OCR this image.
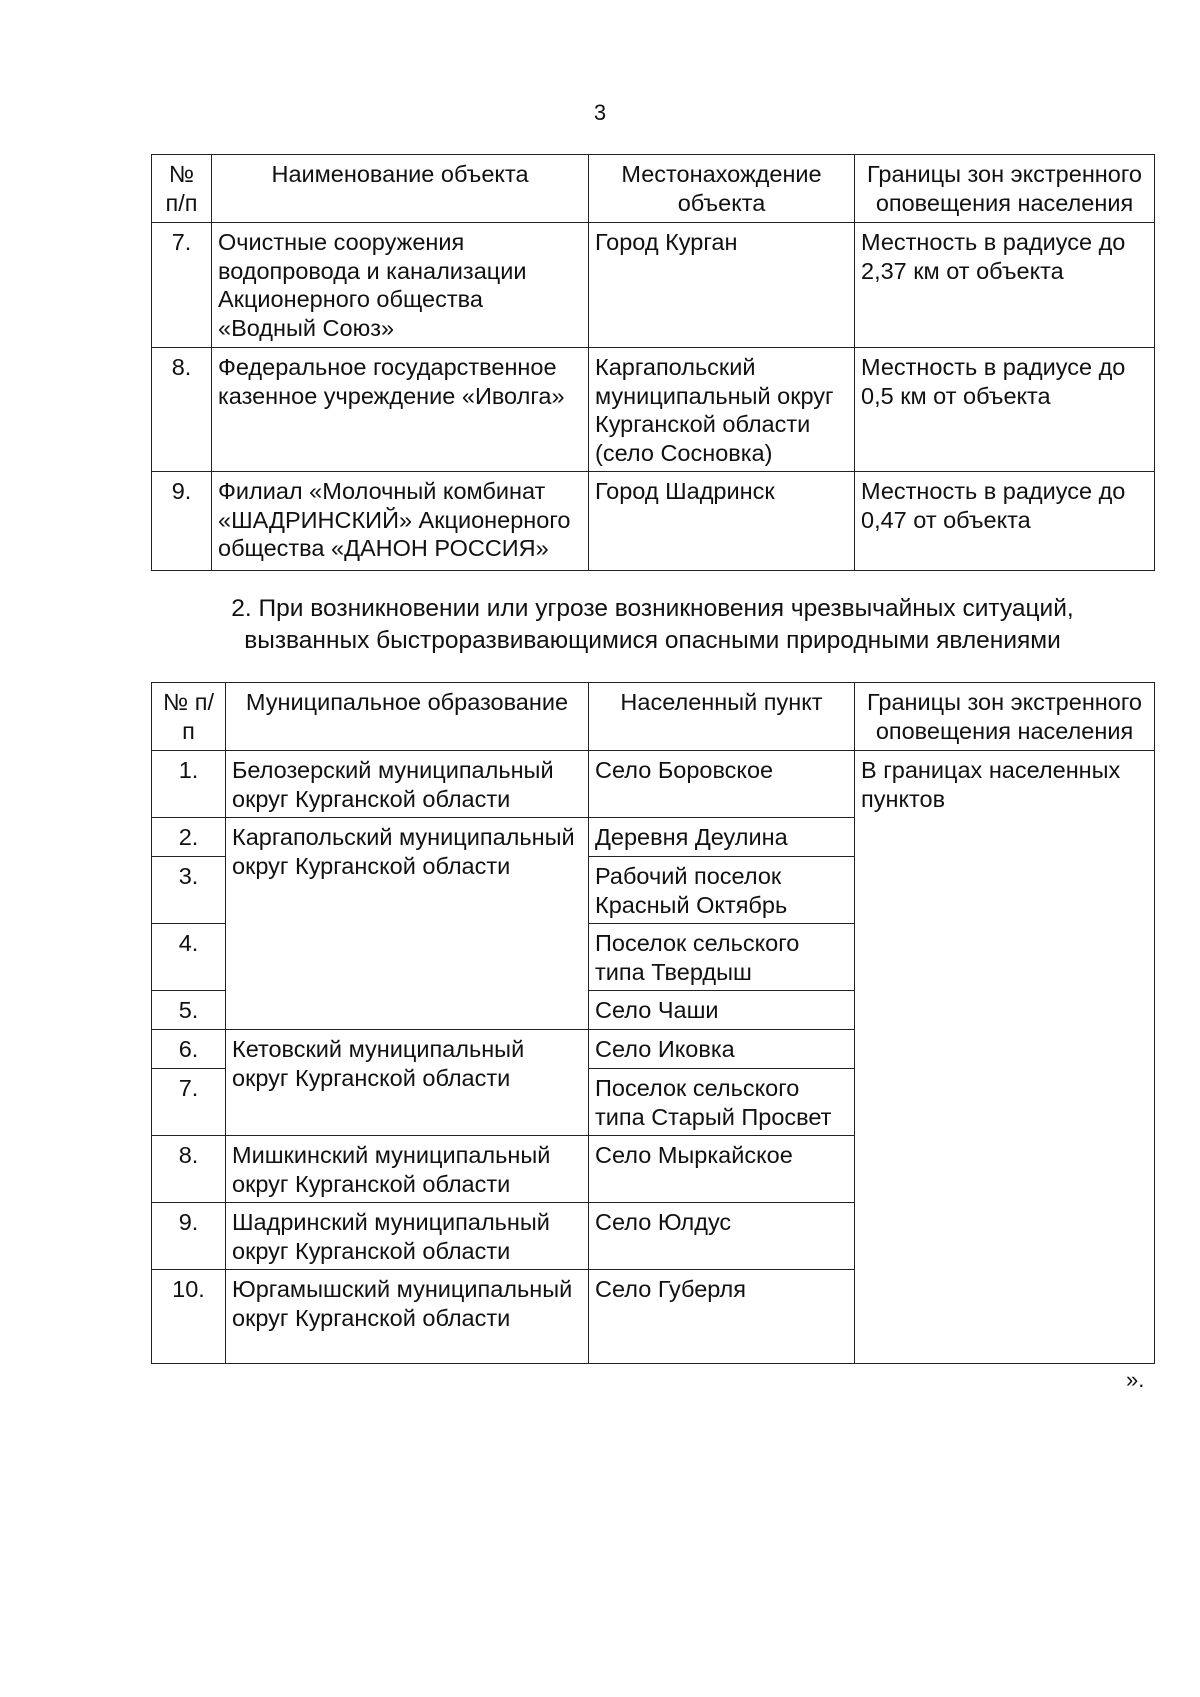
3
№ п/п	Наименование объекта	Местонахождение объекта	Границы зон экстренного оповещения населения
7.	Очистные сооружения водопровода и канализации Акционерного общества «Водный Союз»	Город Курган	Местность в радиусе до 2,37 км от объекта
8.	Федеральное государственное казенное учреждение «Иволга»	Каргапольский муниципальный округ Курганской области (село Сосновка)	Местность в радиусе до 0,5 км от объекта
9.	Филиал «Молочный комбинат «ШАДРИНСКИЙ» Акционерного общества «ДАНОН РОССИЯ»	Город Шадринск	Местность в радиусе до 0,47 от объекта
2. При возникновении или угрозе возникновения чрезвычайных ситуаций,
вызванных быстроразвивающимися опасными природными явлениями
№ п/п	Муниципальное образование	Населенный пункт	Границы зон экстренного оповещения населения
1.	Белозерский муниципальный округ Курганской области	Село Боровское	В границах населенных пунктов
2.	Каргапольский муниципальный округ Курганской области	Деревня Деулина	
3.		Рабочий поселок Красный Октябрь	
4.		Поселок сельского типа Твердыш	
5.		Село Чаши	
6.	Кетовский муниципальный округ Курганской области	Село Иковка	
7.		Поселок сельского типа Старый Просвет	
8.	Мишкинский муниципальный округ Курганской области	Село Мыркайское	
9.	Шадринский муниципальный округ Курганской области	Село Юлдус	
10.	Юргамышский муниципальный округ Курганской области	Село Губерля	
».
